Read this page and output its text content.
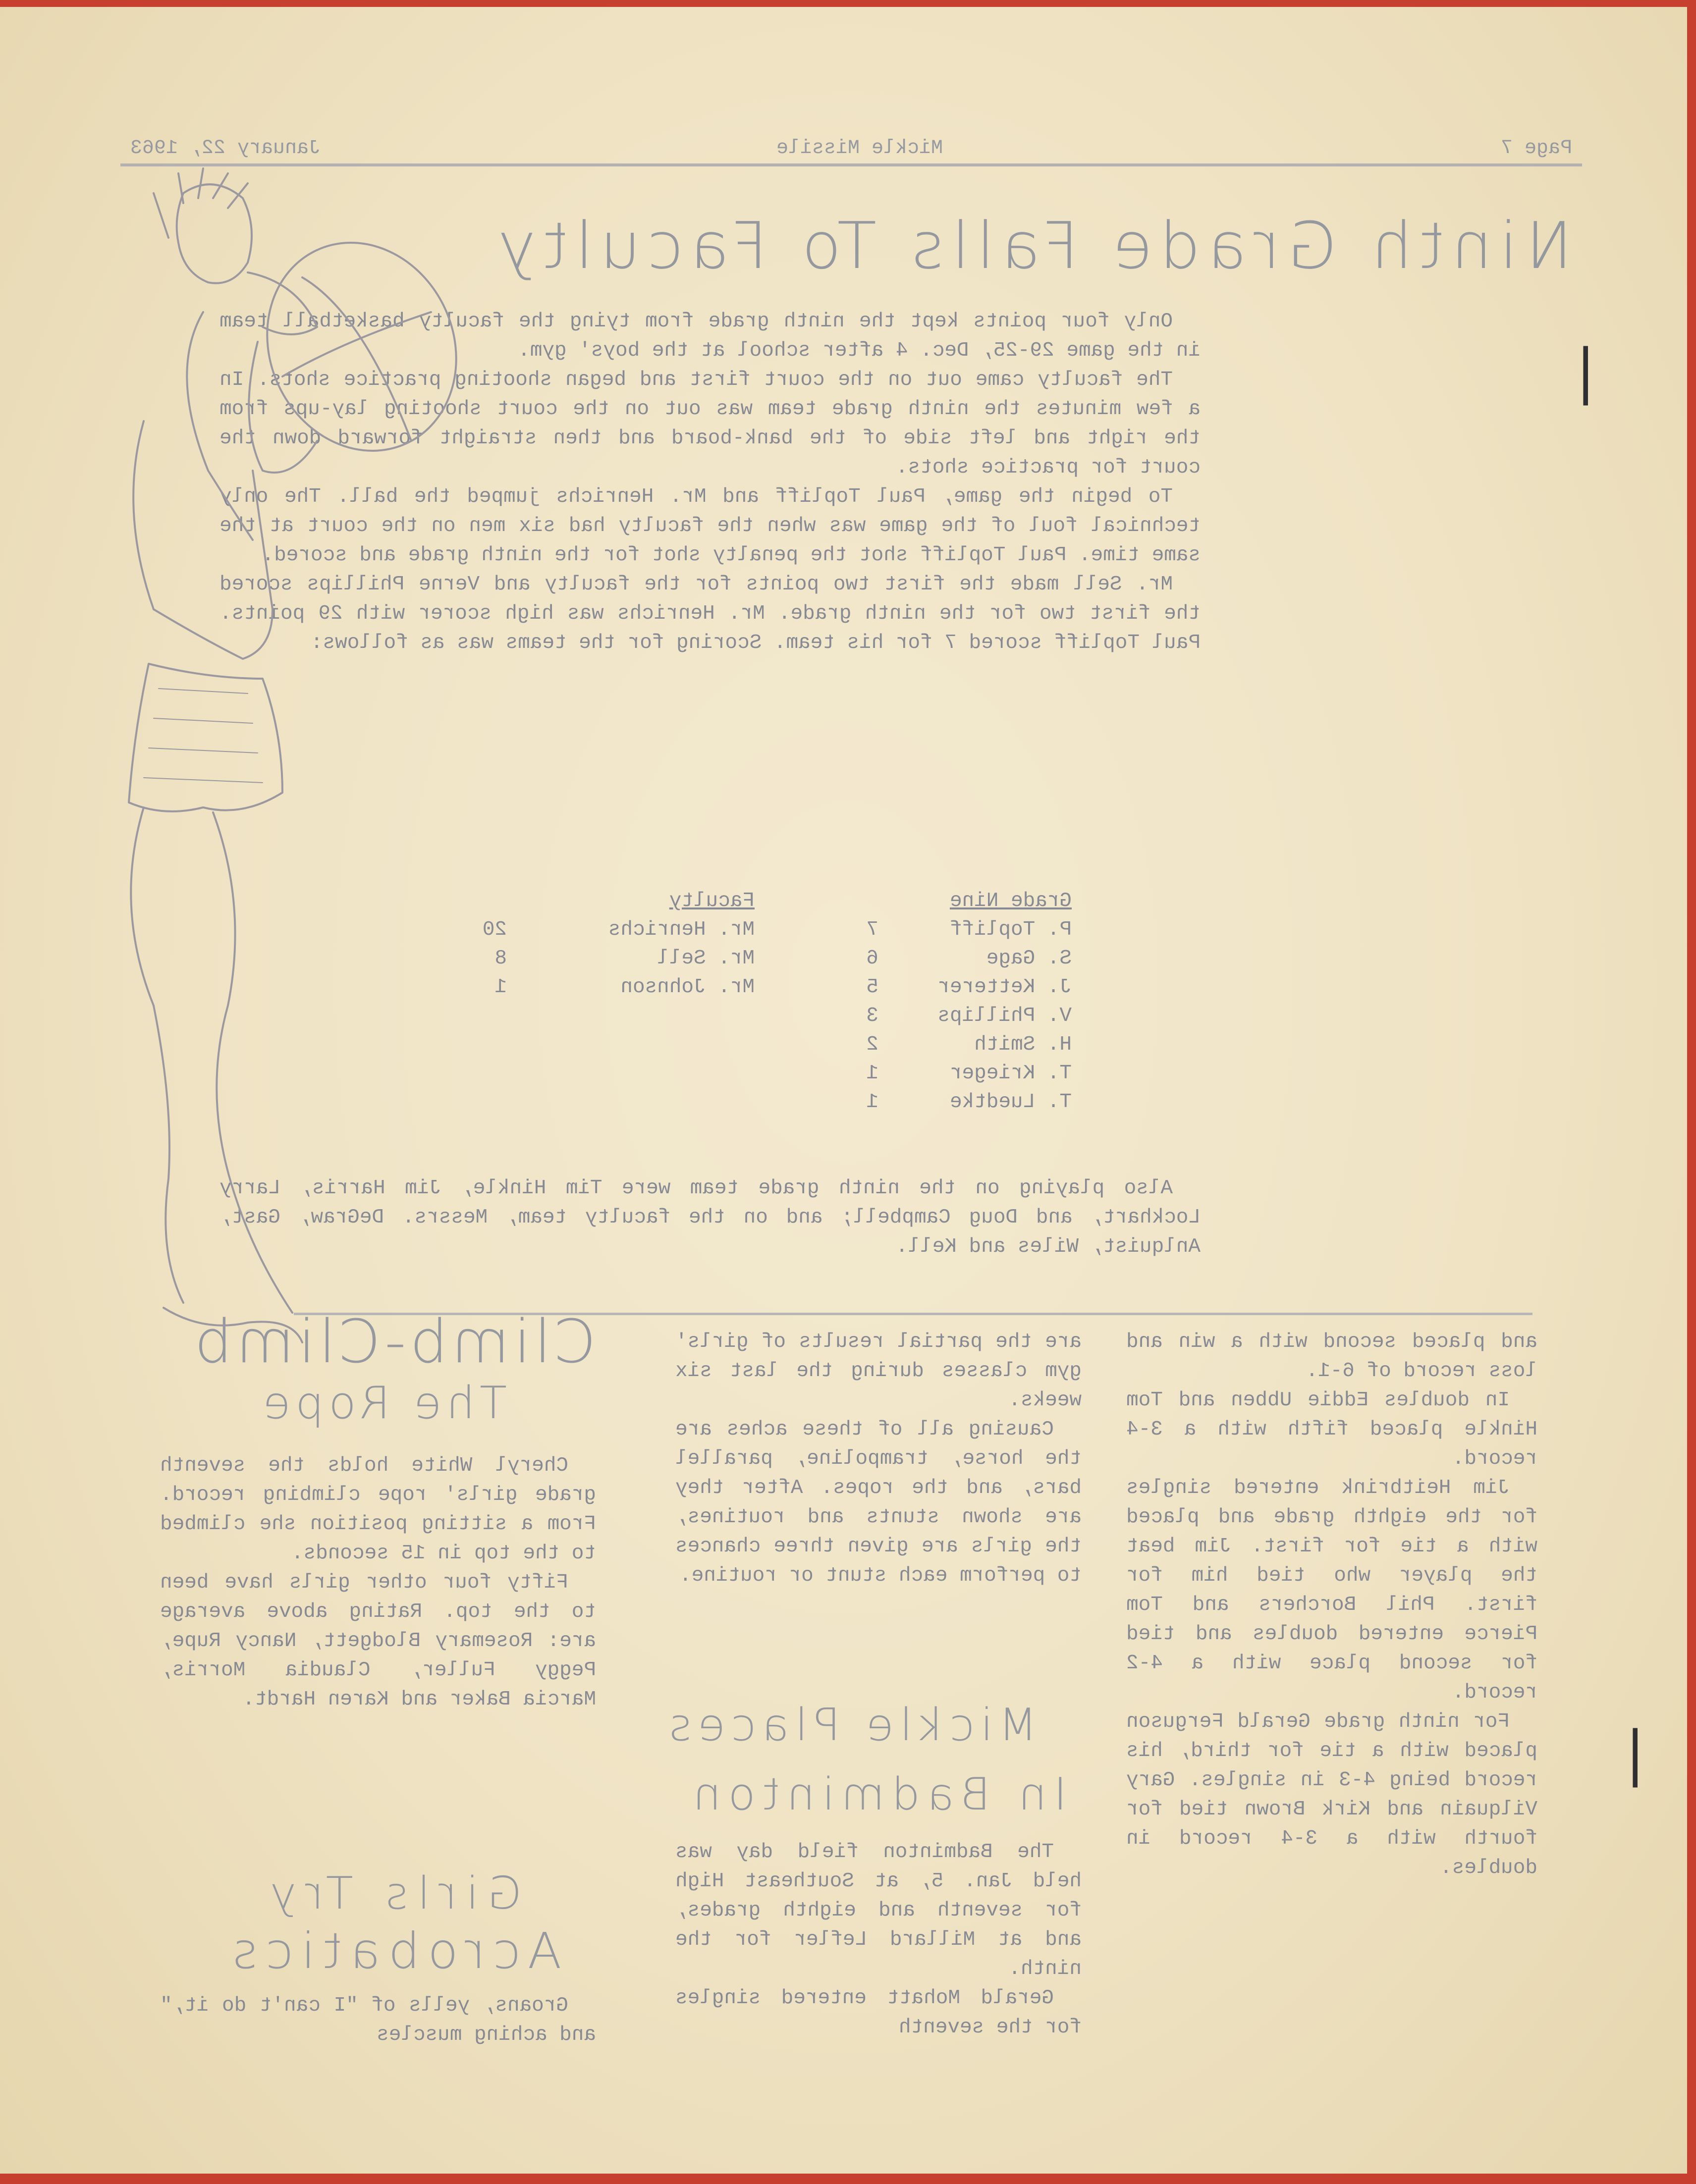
Page 7
Mickle Missile
January 22, 1963
Ninth Grade Falls To Faculty

Only four points kept the ninth grade from tying the faculty basketball team in the game 29-25, Dec. 4 after school at the boys' gym.

The faculty came out on the court first and began shooting practice shots. In a few minutes the ninth grade team was out on the court shooting lay-ups from the right and left side of the bank-board and then straight forward down the court for practice shots.

To begin the game, Paul Topliff and Mr. Henrichs jumped the ball. The only technical foul of the game was when the faculty had six men on the court at the same time. Paul Topliff shot the penalty shot for the ninth grade and scored.

Mr. Sell made the first two points for the faculty and Verne Phillips scored the first two for the ninth grade. Mr. Henrichs was high scorer with 29 points. Paul Topliff scored 7 for his team. Scoring for the teams was as follows:

Grade Nine
Faculty
P. Topliff
7
S. Gage
6
J. Ketterer
5
V. Phillips
3
H. Smith
2
T. Krieger
1
T. Luedtke
1
Mr. Henrichs
20
Mr. Sell
8
Mr. Johnson
1

Also playing on the ninth grade team were Tim Hinkle, Jim Harris, Larry Lockhart, and Doug Campbell; and on the faculty team, Messrs. DeGraw, Gast, Anlquist, Wiles and Kell.

Climb-Climb
The Rope

Cheryl White holds the seventh grade girls' rope climbing record. From a sitting position she climbed to the top in 15 seconds.

Fifty four other girls have been to the top. Rating above average are: Rosemary Blodgett, Nancy Rupe, Peggy Fuller, Claudia Morris, Marcia Baker and Karen Hardt.

Girls Try
Acrobatics

Groans, yells of "I can't do it," and aching muscles

are the partial results of girls' gym classes during the last six weeks.

Causing all of these aches are the horse, trampoline, parallel bars, and the ropes. After they are shown stunts and routines, the girls are given three chances to perform each stunt or routine.

Mickle Places
In Badminton

The Badminton field day was held Jan. 5, at Southeast High for seventh and eighth grades, and at Millard Lefler for the ninth.

Gerald Mohatt entered singles for the seventh

and placed second with a win and loss record of 6-1.

In doubles Eddie Ubben and Tom Hinkle placed fifth with a 3-4 record.

Jim Heitbrink entered singles for the eighth grade and placed with a tie for first. Jim beat the player who tied him for first. Phil Borchers and Tom Pierce entered doubles and tied for second place with a 4-2 record.

For ninth grade Gerald Ferguson placed with a tie for third, his record being 4-3 in singles. Gary Vilquain and Kirk Brown tied for fourth with a 3-4 record in doubles.

|
|
